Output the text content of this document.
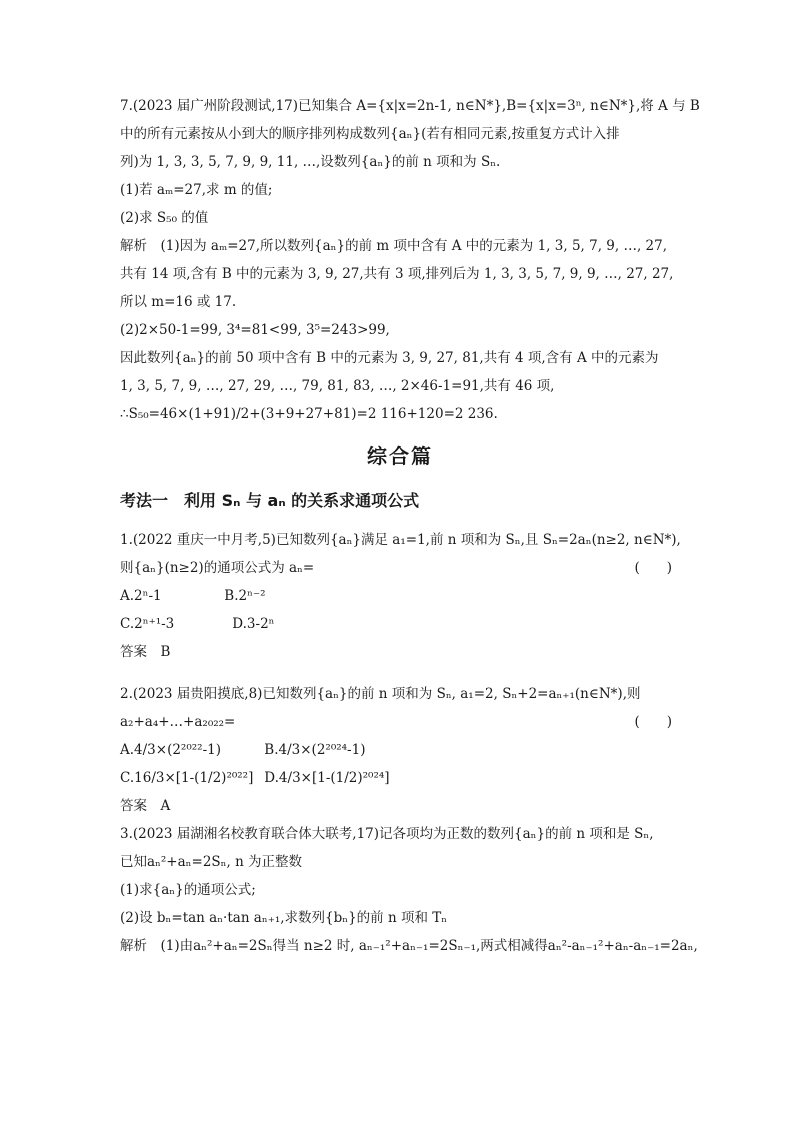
7.(2023 届广州阶段测试,17)已知集合 A={x|x=2n-1, n∈N*},B={x|x=3ⁿ, n∈N*},将 A 与 B
中的所有元素按从小到大的顺序排列构成数列{aₙ}(若有相同元素,按重复方式计入排
列)为 1, 3, 3, 5, 7, 9, 9, 11, …,设数列{aₙ}的前 n 项和为 Sₙ.
(1)若 aₘ=27,求 m 的值;
(2)求 S₅₀ 的值
解析　(1)因为 aₘ=27,所以数列{aₙ}的前 m 项中含有 A 中的元素为 1, 3, 5, 7, 9, …, 27,
共有 14 项,含有 B 中的元素为 3, 9, 27,共有 3 项,排列后为 1, 3, 3, 5, 7, 9, 9, …, 27, 27,
所以 m=16 或 17.
(2)2×50-1=99, 3⁴=81<99, 3⁵=243>99,
因此数列{aₙ}的前 50 项中含有 B 中的元素为 3, 9, 27, 81,共有 4 项,含有 A 中的元素为
1, 3, 5, 7, 9, …, 27, 29, …, 79, 81, 83, …, 2×46-1=91,共有 46 项,
∴S₅₀=46×(1+91)/2+(3+9+27+81)=2 116+120=2 236.
综合篇
考法一　利用 Sₙ 与 aₙ 的关系求通项公式
1.(2022 重庆一中月考,5)已知数列{aₙ}满足 a₁=1,前 n 项和为 Sₙ,且 Sₙ=2aₙ(n≥2, n∈N*),
则{aₙ}(n≥2)的通项公式为 aₙ=	(　　)
A.2ⁿ-1	B.2ⁿ⁻²
C.2ⁿ⁺¹-3	D.3-2ⁿ
答案　B
2.(2023 届贵阳摸底,8)已知数列{aₙ}的前 n 项和为 Sₙ, a₁=2, Sₙ+2=aₙ₊₁(n∈N*),则
a₂+a₄+…+a₂₀₂₂=	(　　)
A.4/3×(2²⁰²²-1)	B.4/3×(2²⁰²⁴-1)
C.16/3×[1-(1/2)²⁰²²] D.4/3×[1-(1/2)²⁰²⁴]
答案　A
3.(2023 届湖湘名校教育联合体大联考,17)记各项均为正数的数列{aₙ}的前 n 项和是 Sₙ,
已知aₙ²+aₙ=2Sₙ, n 为正整数
(1)求{aₙ}的通项公式;
(2)设 bₙ=tan aₙ·tan aₙ₊₁,求数列{bₙ}的前 n 项和 Tₙ
解析　(1)由aₙ²+aₙ=2Sₙ得当 n≥2 时, aₙ₋₁²+aₙ₋₁=2Sₙ₋₁,两式相减得aₙ²-aₙ₋₁²+aₙ-aₙ₋₁=2aₙ,
